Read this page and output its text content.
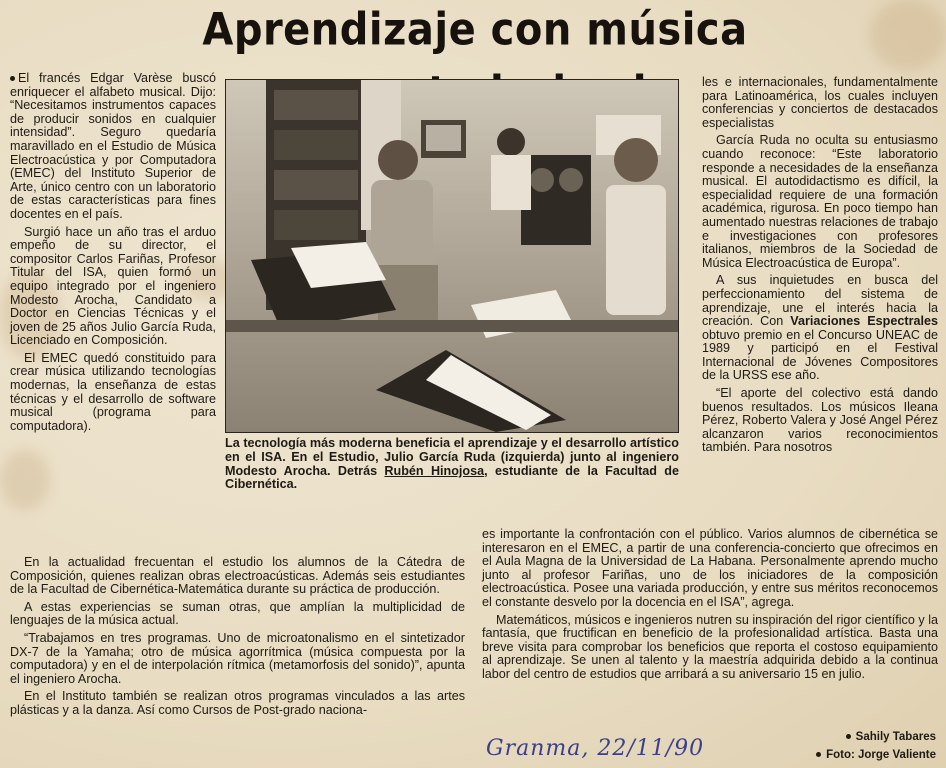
Aprendizaje con música

El francés Edgar Varèse buscó enriquecer el alfabeto musical. Dijo: “Necesitamos instrumentos capaces de producir sonidos en cualquier intensidad”. Seguro quedaría maravillado en el Estudio de Música Electroacústica y por Computadora (EMEC) del Instituto Superior de Arte, único centro con un laboratorio de estas características para fines docentes en el país.

Surgió hace un año tras el arduo empeño de su director, el compositor Carlos Fariñas, Profesor Titular del ISA, quien formó un equipo integrado por el ingeniero Modesto Arocha, Candidato a Doctor en Ciencias Técnicas y el joven de 25 años Julio García Ruda, Licenciado en Composición.

El EMEC quedó constituido para crear música utilizando tecnologías modernas, la enseñanza de estas técnicas y el desarrollo de software musical (programa para computadora).

La tecnología más moderna beneficia el aprendizaje y el desarrollo artístico en el ISA. En el Estudio, Julio García Ruda (izquierda) junto al ingeniero Modesto Arocha. Detrás Rubén Hinojosa, estudiante de la Facultad de Cibernética.

les e internacionales, fundamentalmente para Latinoamérica, los cuales incluyen conferencias y conciertos de destacados especialistas

García Ruda no oculta su entusiasmo cuando reconoce: “Este laboratorio responde a necesidades de la enseñanza musical. El autodidactismo es difícil, la especialidad requiere de una formación académica, rigurosa. En poco tiempo han aumentado nuestras relaciones de trabajo e investigaciones con profesores italianos, miembros de la Sociedad de Música Electroacústica de Europa”.

A sus inquietudes en busca del perfeccionamiento del sistema de aprendizaje, une el interés hacia la creación. Con Variaciones Espectrales obtuvo premio en el Concurso UNEAC de 1989 y participó en el Festival Internacional de Jóvenes Compositores de la URSS ese año.

“El aporte del colectivo está dando buenos resultados. Los músicos Ileana Pérez, Roberto Valera y José Angel Pérez alcanzaron varios reconocimientos también. Para nosotros

En la actualidad frecuentan el estudio los alumnos de la Cátedra de Composición, quienes realizan obras electroacústicas. Además seis estudiantes de la Facultad de Cibernética-Matemática durante su práctica de producción.

A estas experiencias se suman otras, que amplían la multiplicidad de lenguajes de la música actual.

“Trabajamos en tres programas. Uno de microatonalismo en el sintetizador DX-7 de la Yamaha; otro de música agorrítmica (música compuesta por la computadora) y en el de interpolación rítmica (metamorfosis del sonido)”, apunta el ingeniero Arocha.

En el Instituto también se realizan otros programas vinculados a las artes plásticas y a la danza. Así como Cursos de Post-grado naciona-

es importante la confrontación con el público. Varios alumnos de cibernética se interesaron en el EMEC, a partir de una conferencia-concierto que ofrecimos en el Aula Magna de la Universidad de La Habana. Personalmente aprendo mucho junto al profesor Fariñas, uno de los iniciadores de la composición electroacústica. Posee una variada producción, y entre sus méritos reconocemos el constante desvelo por la docencia en el ISA”, agrega.

Matemáticos, músicos e ingenieros nutren su inspiración del rigor científico y la fantasía, que fructifican en beneficio de la profesionalidad artística. Basta una breve visita para comprobar los beneficios que reporta el costoso equipamiento al aprendizaje. Se unen al talento y la maestría adquirida debido a la continua labor del centro de estudios que arribará a su aniversario 15 en julio.

Granma, 22/11/90	Sahily Tabares
Foto: Jorge Valiente
